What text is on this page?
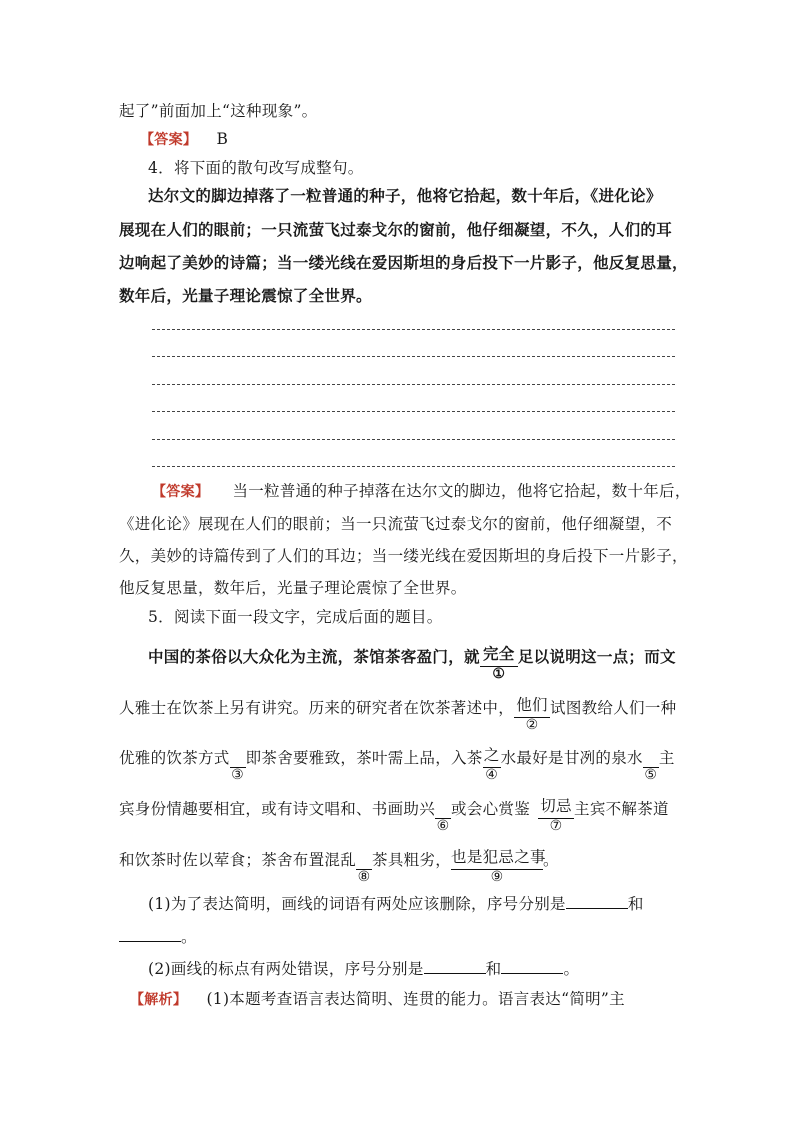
起了”前面加上“这种现象”。
【答案】 B
4．将下面的散句改写成整句。
达尔文的脚边掉落了一粒普通的种子，他将它拾起，数十年后，《进化论》
展现在人们的眼前；一只流萤飞过泰戈尔的窗前，他仔细凝望，不久，人们的耳
边响起了美妙的诗篇；当一缕光线在爱因斯坦的身后投下一片影子，他反复思量，
数年后，光量子理论震惊了全世界。
【答案】 当一粒普通的种子掉落在达尔文的脚边，他将它拾起，数十年后，
《进化论》展现在人们的眼前；当一只流萤飞过泰戈尔的窗前，他仔细凝望，不
久，美妙的诗篇传到了人们的耳边；当一缕光线在爱因斯坦的身后投下一片影子，
他反复思量，数年后，光量子理论震惊了全世界。
5．阅读下面一段文字，完成后面的题目。
中国的茶俗以大众化为主流，茶馆茶客盈门，就 完全
①
足以说明这一点；而文
人雅士在饮茶上另有讲究。历来的研究者在饮茶著述中， 他们
②
试图教给人们一种
优雅的饮茶方式
③
即茶舍要雅致，茶叶需上品，入茶 之
④
水最好是甘冽的泉水
⑤
主
宾身份情趣要相宜，或有诗文唱和、书画助兴
⑥
或会心赏鉴 切忌
⑦
主宾不解茶道
和饮茶时佐以荤食；茶舍布置混乱
⑧
茶具粗劣， 也是犯忌之事
⑨
。
(1)为了表达简明，画线的词语有两处应该删除，序号分别是	和
。
(2)画线的标点有两处错误，序号分别是	和	。
【解析】 (1)本题考查语言表达简明、连贯的能力。语言表达“简明”主
